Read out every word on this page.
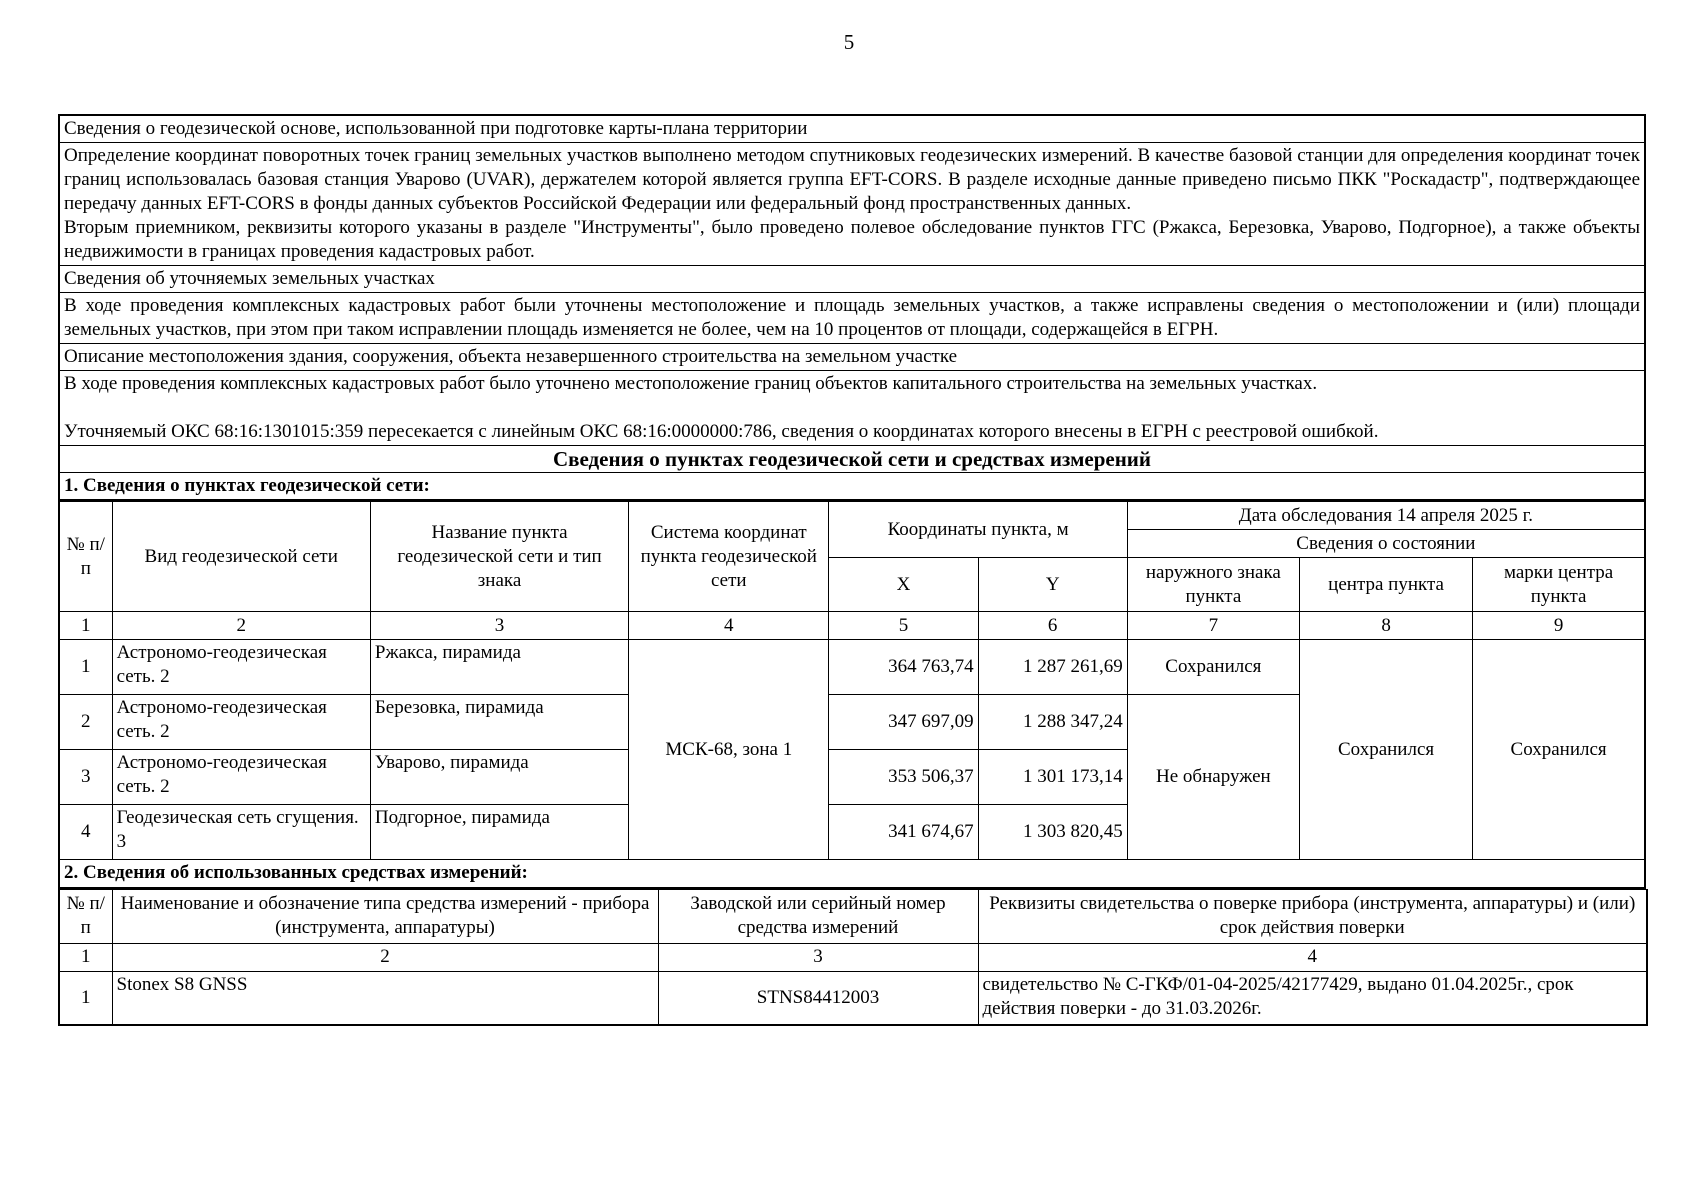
5
Сведения о геодезической основе, использованной при подготовке карты-плана территории

Определение координат поворотных точек границ земельных участков выполнено методом спутниковых геодезических измерений. В качестве базовой станции для определения координат точек границ использовалась базовая станция Уварово (UVAR), держателем которой является группа EFT-CORS. В разделе исходные данные приведено письмо ПКК "Роскадастр", подтверждающее передачу данных EFT-CORS в фонды данных субъектов Российской Федерации или федеральный фонд пространственных данных.

Вторым приемником, реквизиты которого указаны в разделе "Инструменты", было проведено полевое обследование пунктов ГГС (Ржакса, Березовка, Уварово, Подгорное), а также объекты недвижимости в границах проведения кадастровых работ.

Сведения об уточняемых земельных участках
В ходе проведения комплексных кадастровых работ были уточнены местоположение и площадь земельных участков, а также исправлены сведения о местоположении и (или) площади земельных участков, при этом при таком исправлении площадь изменяется не более, чем на 10 процентов от площади, содержащейся в ЕГРН.
Описание местоположения здания, сооружения, объекта незавершенного строительства на земельном участке

В ходе проведения комплексных кадастровых работ было уточнено местоположение границ объектов капитального строительства на земельных участках.

Уточняемый ОКС 68:16:1301015:359 пересекается с линейным ОКС 68:16:0000000:786, сведения о координатах которого внесены в ЕГРН с реестровой ошибкой.

Сведения о пунктах геодезической сети и средствах измерений
1. Сведения о пунктах геодезической сети:
№ п/п	Вид геодезической сети	Название пункта геодезической сети и тип знака	Система координат пункта геодезической сети	Координаты пункта, м		Дата обследования 14 апреля 2025 г.		
						Сведения о состоянии		
				X	Y	наружного знака пункта	центра пункта	марки центра пункта
1	2	3	4	5	6	7	8	9
1	Астрономо-геодезическая сеть. 2	Ржакса, пирамида	МСК-68, зона 1	364 763,74	1 287 261,69	Сохранился	Сохранился	Сохранился
2	Астрономо-геодезическая сеть. 2	Березовка, пирамида		347 697,09	1 288 347,24	Не обнаружен		
3	Астрономо-геодезическая сеть. 2	Уварово, пирамида		353 506,37	1 301 173,14			
4	Геодезическая сеть сгущения. 3	Подгорное, пирамида		341 674,67	1 303 820,45			
2. Сведения об использованных средствах измерений:								
№ п/п	Наименование и обозначение типа средства измерений - прибора (инструмента, аппаратуры)	Заводской или серийный номер средства измерений	Реквизиты свидетельства о поверке прибора (инструмента, аппаратуры) и (или) срок действия поверки
1	2	3	4
1	Stonex S8 GNSS	STNS84412003	свидетельство № С-ГКФ/01-04-2025/42177429, выдано 01.04.2025г., срок действия поверки - до 31.03.2026г.
